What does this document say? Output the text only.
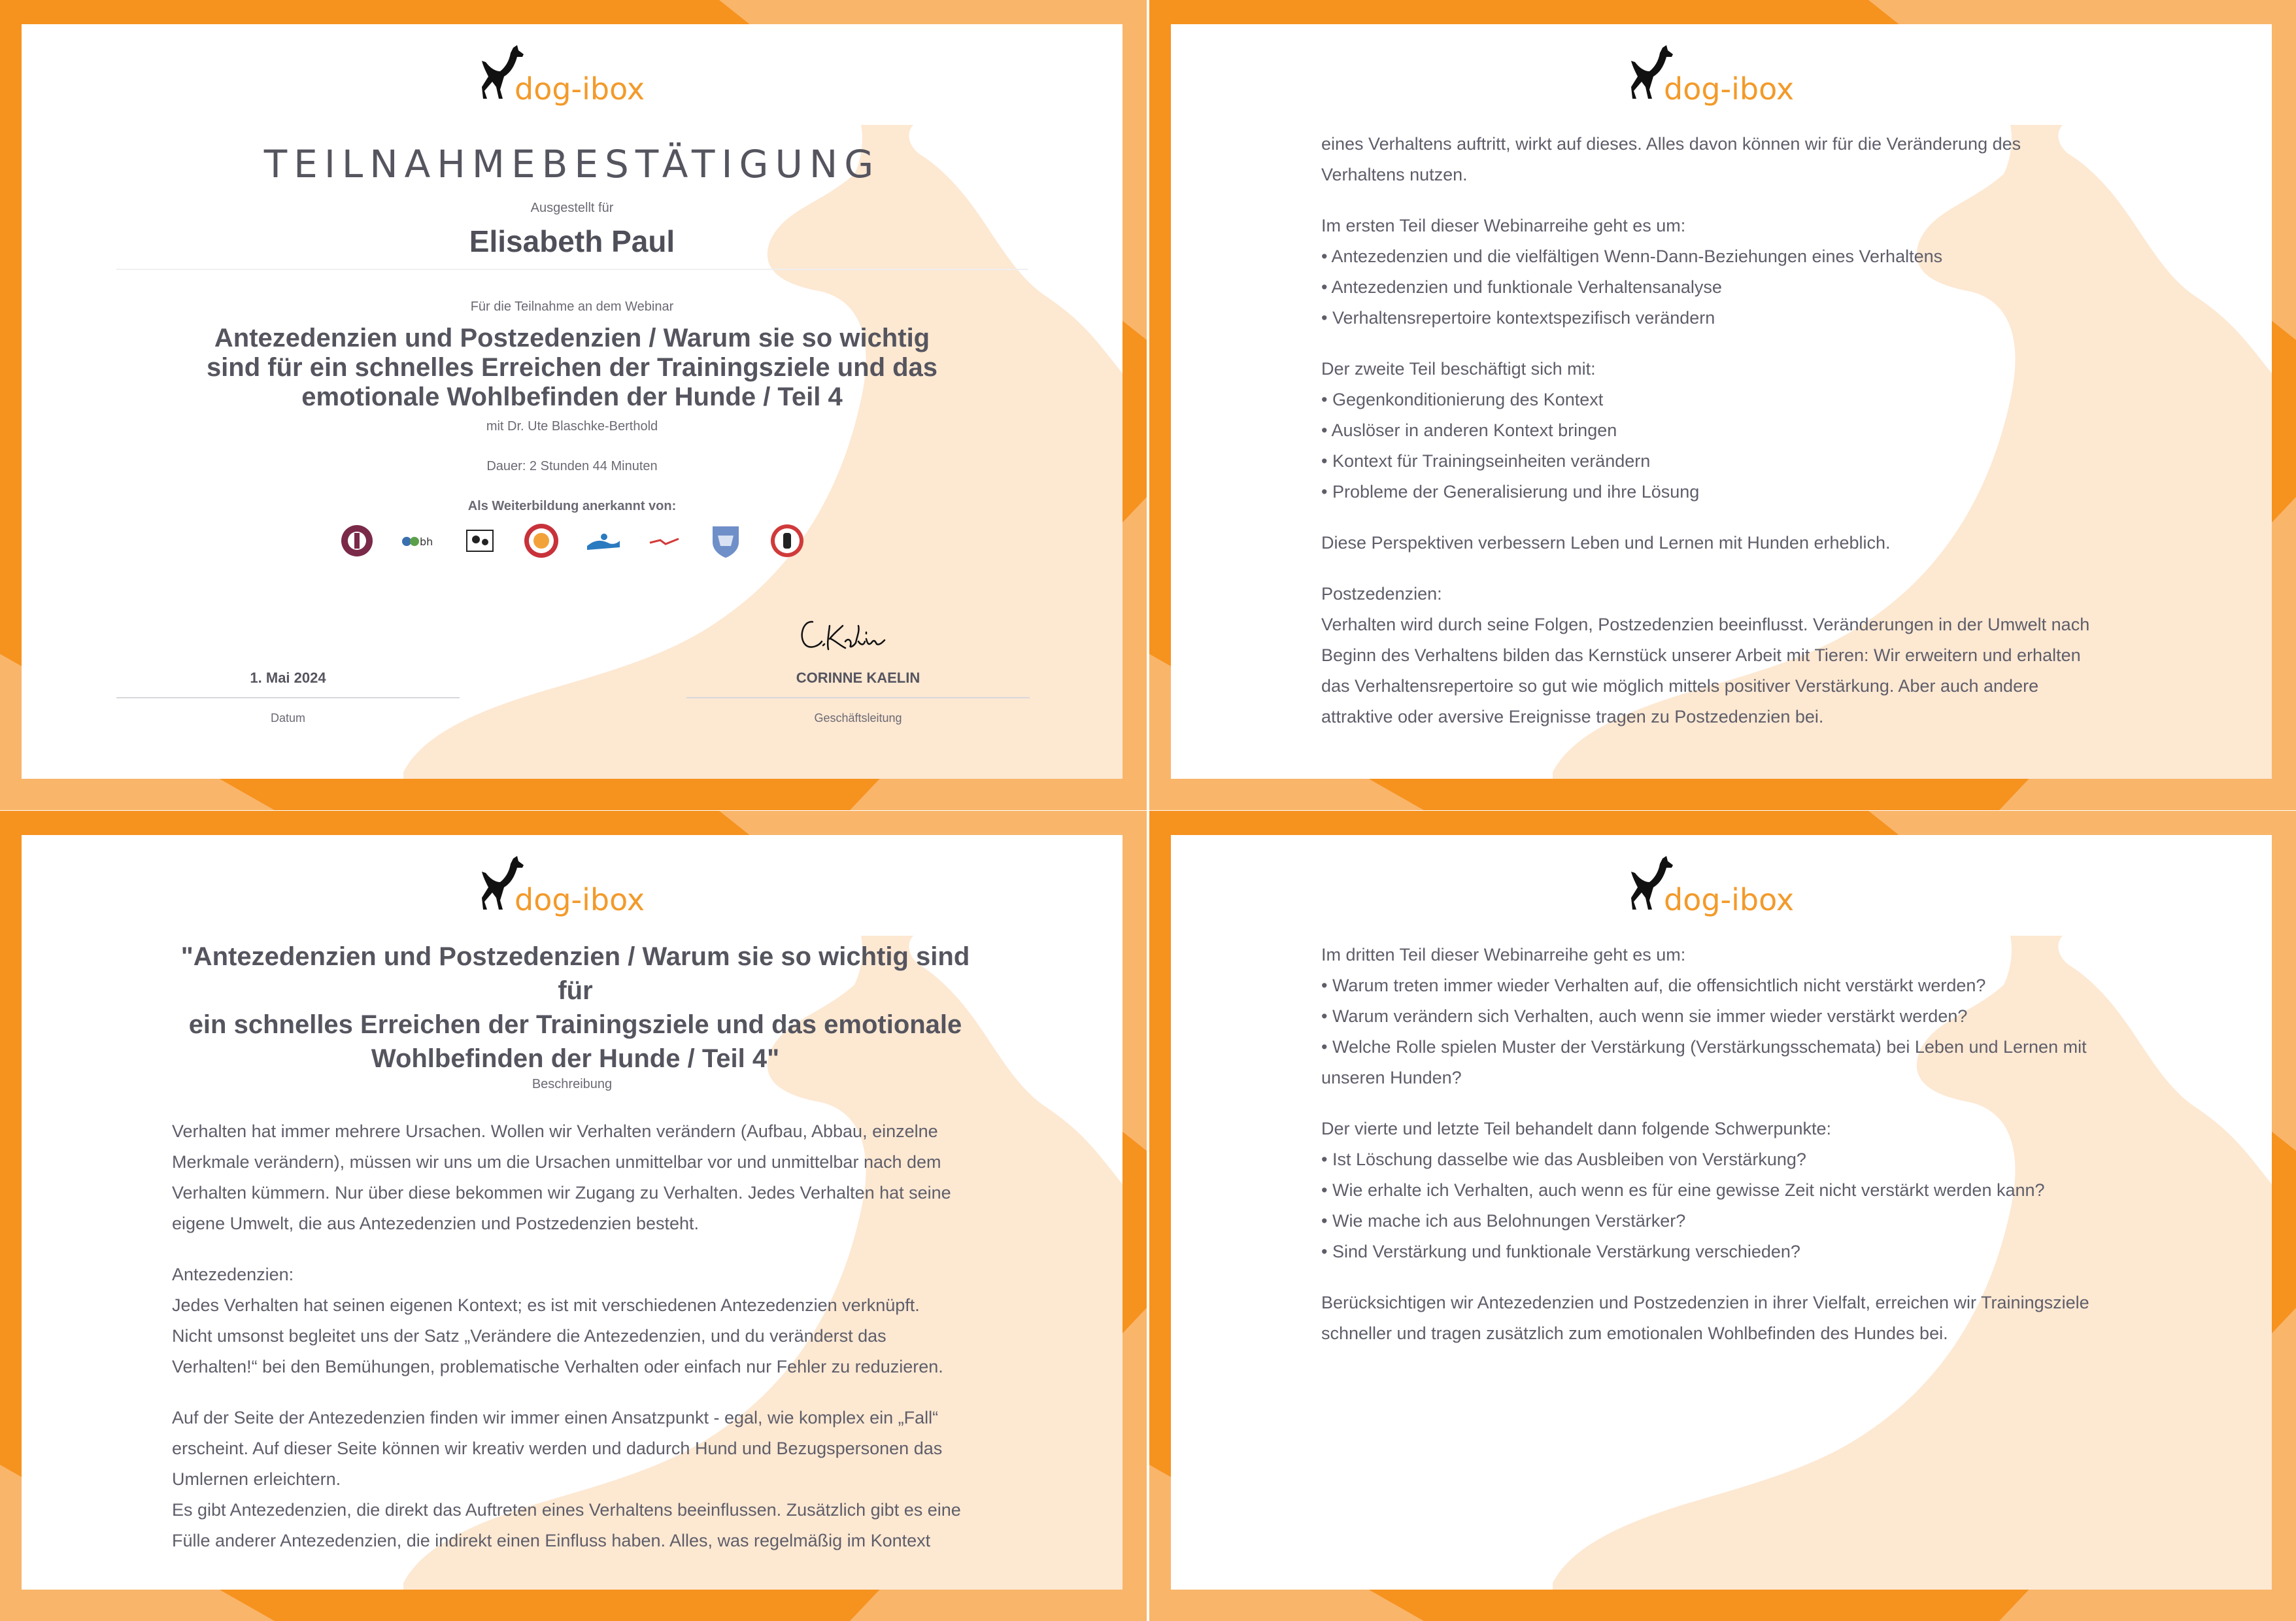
dog-ibox
TEILNAHMEBESTÄTIGUNG
Ausgestellt für
Elisabeth Paul
Für die Teilnahme an dem Webinar
Antezedenzien und Postzedenzien / Warum sie so wichtig
sind für ein schnelles Erreichen der Trainingsziele und das
emotionale Wohlbefinden der Hunde / Teil 4
mit Dr. Ute Blaschke-Berthold
Dauer: 2 Stunden 44 Minuten
Als Weiterbildung anerkannt von:
bh
1. Mai 2024
Datum
CORINNE KAELIN
Geschäftsleitung
dog-ibox

eines Verhaltens auftritt, wirkt auf dieses. Alles davon können wir für die Veränderung des
Verhaltens nutzen.

Im ersten Teil dieser Webinarreihe geht es um:
• Antezedenzien und die vielfältigen Wenn-Dann-Beziehungen eines Verhaltens
• Antezedenzien und funktionale Verhaltensanalyse
• Verhaltensrepertoire kontextspezifisch verändern

Der zweite Teil beschäftigt sich mit:
• Gegenkonditionierung des Kontext
• Auslöser in anderen Kontext bringen
• Kontext für Trainingseinheiten verändern
• Probleme der Generalisierung und ihre Lösung

Diese Perspektiven verbessern Leben und Lernen mit Hunden erheblich.

Postzedenzien:
Verhalten wird durch seine Folgen, Postzedenzien beeinflusst. Veränderungen in der Umwelt nach
Beginn des Verhaltens bilden das Kernstück unserer Arbeit mit Tieren: Wir erweitern und erhalten
das Verhaltensrepertoire so gut wie möglich mittels positiver Verstärkung. Aber auch andere
attraktive oder aversive Ereignisse tragen zu Postzedenzien bei.

dog-ibox
"Antezedenzien und Postzedenzien / Warum sie so wichtig sind für
ein schnelles Erreichen der Trainingsziele und das emotionale
Wohlbefinden der Hunde / Teil 4"
Beschreibung

Verhalten hat immer mehrere Ursachen. Wollen wir Verhalten verändern (Aufbau, Abbau, einzelne
Merkmale verändern), müssen wir uns um die Ursachen unmittelbar vor und unmittelbar nach dem
Verhalten kümmern. Nur über diese bekommen wir Zugang zu Verhalten. Jedes Verhalten hat seine
eigene Umwelt, die aus Antezedenzien und Postzedenzien besteht.

Antezedenzien:
Jedes Verhalten hat seinen eigenen Kontext; es ist mit verschiedenen Antezedenzien verknüpft.
Nicht umsonst begleitet uns der Satz „Verändere die Antezedenzien, und du veränderst das
Verhalten!“ bei den Bemühungen, problematische Verhalten oder einfach nur Fehler zu reduzieren.

Auf der Seite der Antezedenzien finden wir immer einen Ansatzpunkt - egal, wie komplex ein „Fall“
erscheint. Auf dieser Seite können wir kreativ werden und dadurch Hund und Bezugspersonen das
Umlernen erleichtern.
Es gibt Antezedenzien, die direkt das Auftreten eines Verhaltens beeinflussen. Zusätzlich gibt es eine
Fülle anderer Antezedenzien, die indirekt einen Einfluss haben. Alles, was regelmäßig im Kontext

dog-ibox

Im dritten Teil dieser Webinarreihe geht es um:
• Warum treten immer wieder Verhalten auf, die offensichtlich nicht verstärkt werden?
• Warum verändern sich Verhalten, auch wenn sie immer wieder verstärkt werden?
• Welche Rolle spielen Muster der Verstärkung (Verstärkungsschemata) bei Leben und Lernen mit
unseren Hunden?

Der vierte und letzte Teil behandelt dann folgende Schwerpunkte:
• Ist Löschung dasselbe wie das Ausbleiben von Verstärkung?
• Wie erhalte ich Verhalten, auch wenn es für eine gewisse Zeit nicht verstärkt werden kann?
• Wie mache ich aus Belohnungen Verstärker?
• Sind Verstärkung und funktionale Verstärkung verschieden?

Berücksichtigen wir Antezedenzien und Postzedenzien in ihrer Vielfalt, erreichen wir Trainingsziele
schneller und tragen zusätzlich zum emotionalen Wohlbefinden des Hundes bei.
